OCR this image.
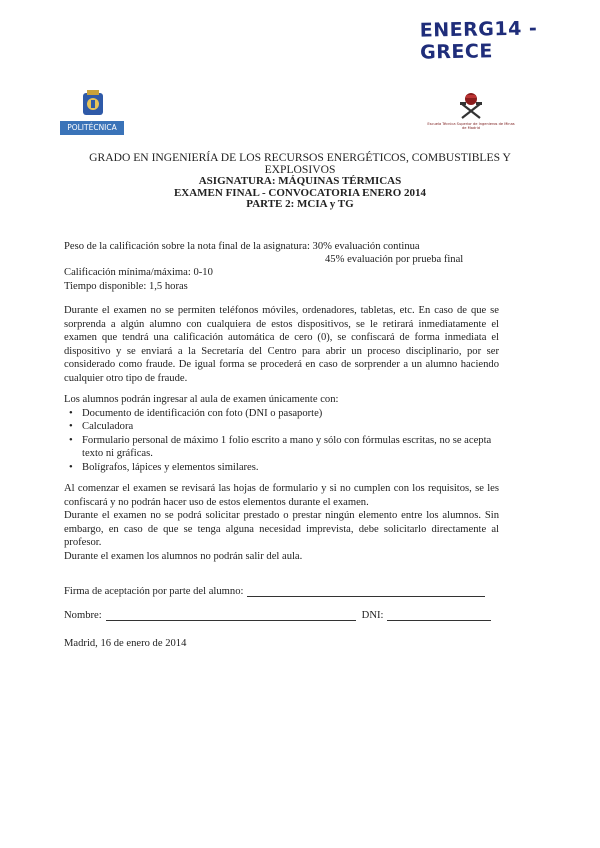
ENERG14 - GRECE
POLITÉCNICA	Escuela Técnica Superior de Ingenieros de Minas de Madrid
GRADO EN INGENIERÍA DE LOS RECURSOS ENERGÉTICOS, COMBUSTIBLES Y EXPLOSIVOS
ASIGNATURA: MÁQUINAS TÉRMICAS
EXAMEN FINAL - CONVOCATORIA ENERO 2014
PARTE 2: MCIA y TG
Peso de la calificación sobre la nota final de la asignatura: 30% evaluación continua
45% evaluación por prueba final
Calificación mínima/máxima: 0-10
Tiempo disponible: 1,5 horas
Durante el examen no se permiten teléfonos móviles, ordenadores, tabletas, etc. En caso de que se sorprenda a algún alumno con cualquiera de estos dispositivos, se le retirará inmediatamente el examen que tendrá una calificación automática de cero (0), se confiscará de forma inmediata el dispositivo y se enviará a la Secretaría del Centro para abrir un proceso disciplinario, por ser considerado como fraude. De igual forma se procederá en caso de sorprender a un alumno haciendo cualquier otro tipo de fraude.
Los alumnos podrán ingresar al aula de examen únicamente con:
• Documento de identificación con foto (DNI o pasaporte)
• Calculadora
• Formulario personal de máximo 1 folio escrito a mano y sólo con fórmulas escritas, no se acepta texto ni gráficas.
• Bolígrafos, lápices y elementos similares.
Al comenzar el examen se revisará las hojas de formulario y si no cumplen con los requisitos, se les confiscará y no podrán hacer uso de estos elementos durante el examen.
Durante el examen no se podrá solicitar prestado o prestar ningún elemento entre los alumnos. Sin embargo, en caso de que se tenga alguna necesidad imprevista, debe solicitarlo directamente al profesor.
Durante el examen los alumnos no podrán salir del aula.
Firma de aceptación por parte del alumno:
Nombre:	DNI:
Madrid, 16 de enero de 2014
